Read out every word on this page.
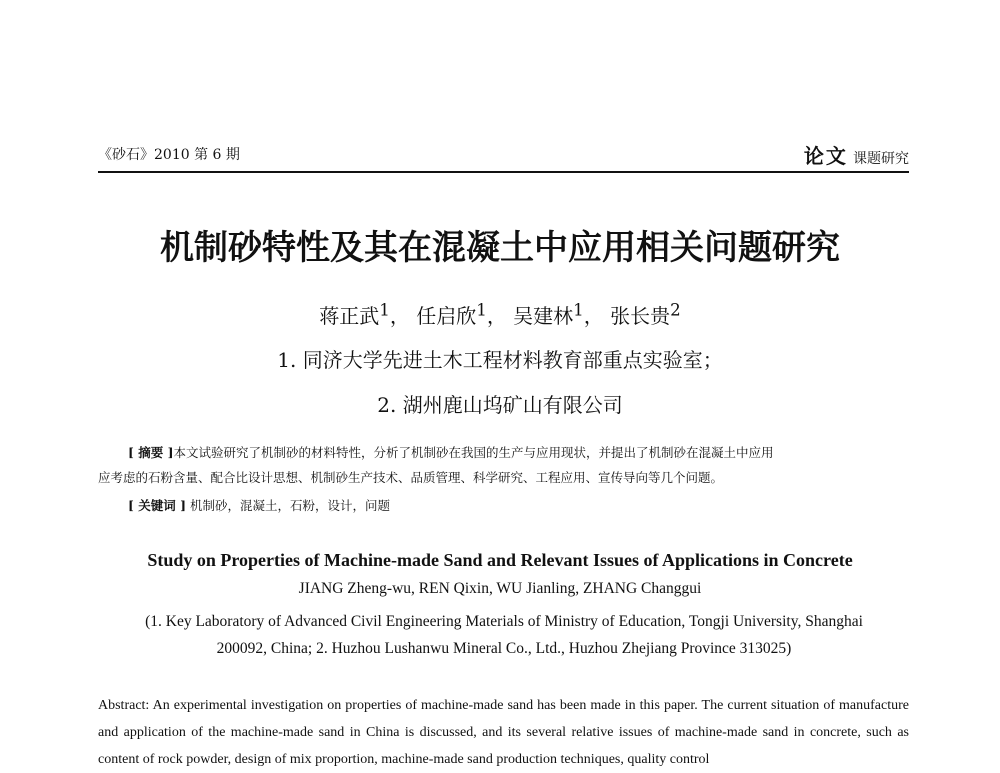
《砂石》2010 第 6 期	论文 课题研究
机制砂特性及其在混凝土中应用相关问题研究
蒋正武$^1$， 任启欣$^1$， 吴建林$^1$， 张长贵$^2$
1. 同济大学先进土木工程材料教育部重点实验室；
2. 湖州鹿山坞矿山有限公司
[ 摘要 ]本文试验研究了机制砂的材料特性，分析了机制砂在我国的生产与应用现状，并提出了机制砂在混凝土中应用
应考虑的石粉含量、配合比设计思想、机制砂生产技术、品质管理、科学研究、工程应用、宣传导向等几个问题。
[ 关键词 ] 机制砂，混凝土，石粉，设计，问题
Study on Properties of Machine-made Sand and Relevant Issues of Applications in Concrete
JIANG Zheng-wu, REN Qixin, WU Jianling, ZHANG Changgui
(1. Key Laboratory of Advanced Civil Engineering Materials of Ministry of Education, Tongji University, Shanghai
200092, China; 2. Huzhou Lushanwu Mineral Co., Ltd., Huzhou Zhejiang Province 313025)
Abstract: An experimental investigation on properties of machine-made sand has been made in this paper. The current situation of manufacture and application of the machine-made sand in China is discussed, and its several relative issues of machine-made sand in concrete, such as content of rock powder, design of mix proportion, machine-made sand production techniques, quality control
